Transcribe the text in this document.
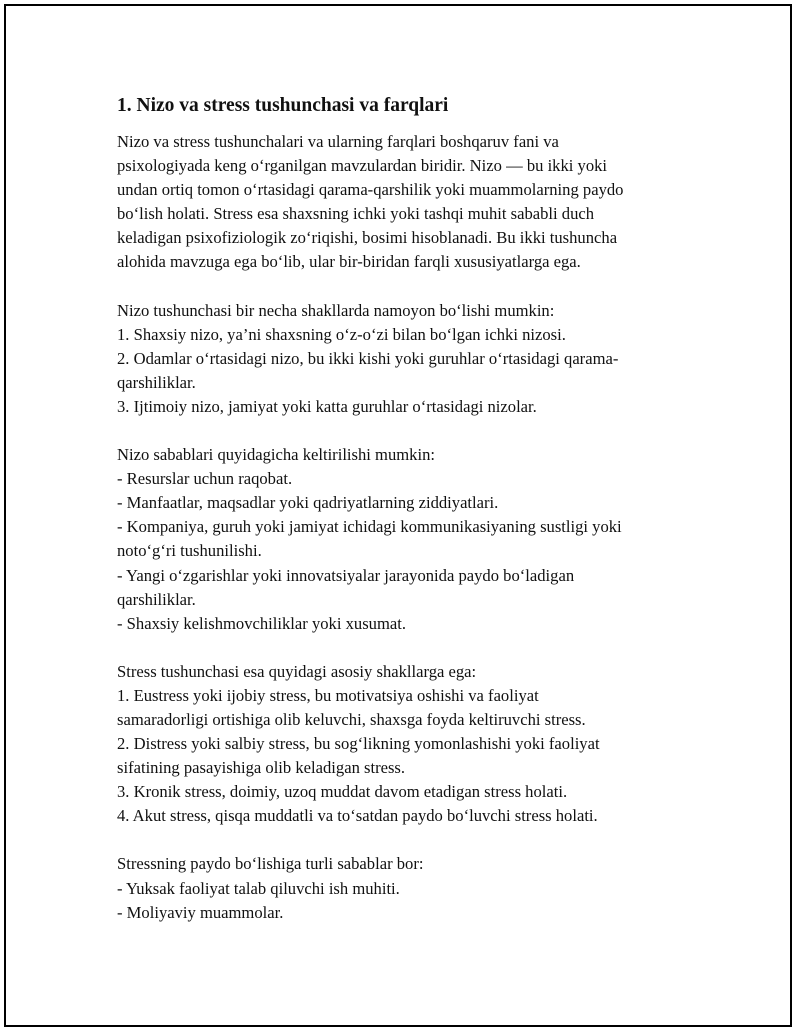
1. Nizo va stress tushunchasi va farqlari
Nizo va stress tushunchalari va ularning farqlari boshqaruv fani va
psixologiyada keng o‘rganilgan mavzulardan biridir. Nizo — bu ikki yoki
undan ortiq tomon o‘rtasidagi qarama-qarshilik yoki muammolarning paydo
bo‘lish holati. Stress esa shaxsning ichki yoki tashqi muhit sababli duch
keladigan psixofiziologik zo‘riqishi, bosimi hisoblanadi. Bu ikki tushuncha
alohida mavzuga ega bo‘lib, ular bir-biridan farqli xususiyatlarga ega.
Nizo tushunchasi bir necha shakllarda namoyon bo‘lishi mumkin:
1. Shaxsiy nizo, ya’ni shaxsning o‘z-o‘zi bilan bo‘lgan ichki nizosi.
2. Odamlar o‘rtasidagi nizo, bu ikki kishi yoki guruhlar o‘rtasidagi qarama-
qarshiliklar.
3. Ijtimoiy nizo, jamiyat yoki katta guruhlar o‘rtasidagi nizolar.
Nizo sabablari quyidagicha keltirilishi mumkin:
- Resurslar uchun raqobat.
- Manfaatlar, maqsadlar yoki qadriyatlarning ziddiyatlari.
- Kompaniya, guruh yoki jamiyat ichidagi kommunikasiyaning sustligi yoki
noto‘g‘ri tushunilishi.
- Yangi o‘zgarishlar yoki innovatsiyalar jarayonida paydo bo‘ladigan
qarshiliklar.
- Shaxsiy kelishmovchiliklar yoki xusumat.
Stress tushunchasi esa quyidagi asosiy shakllarga ega:
1. Eustress yoki ijobiy stress, bu motivatsiya oshishi va faoliyat
samaradorligi ortishiga olib keluvchi, shaxsga foyda keltiruvchi stress.
2. Distress yoki salbiy stress, bu sog‘likning yomonlashishi yoki faoliyat
sifatining pasayishiga olib keladigan stress.
3. Kronik stress, doimiy, uzoq muddat davom etadigan stress holati.
4. Akut stress, qisqa muddatli va to‘satdan paydo bo‘luvchi stress holati.
Stressning paydo bo‘lishiga turli sabablar bor:
- Yuksak faoliyat talab qiluvchi ish muhiti.
- Moliyaviy muammolar.
